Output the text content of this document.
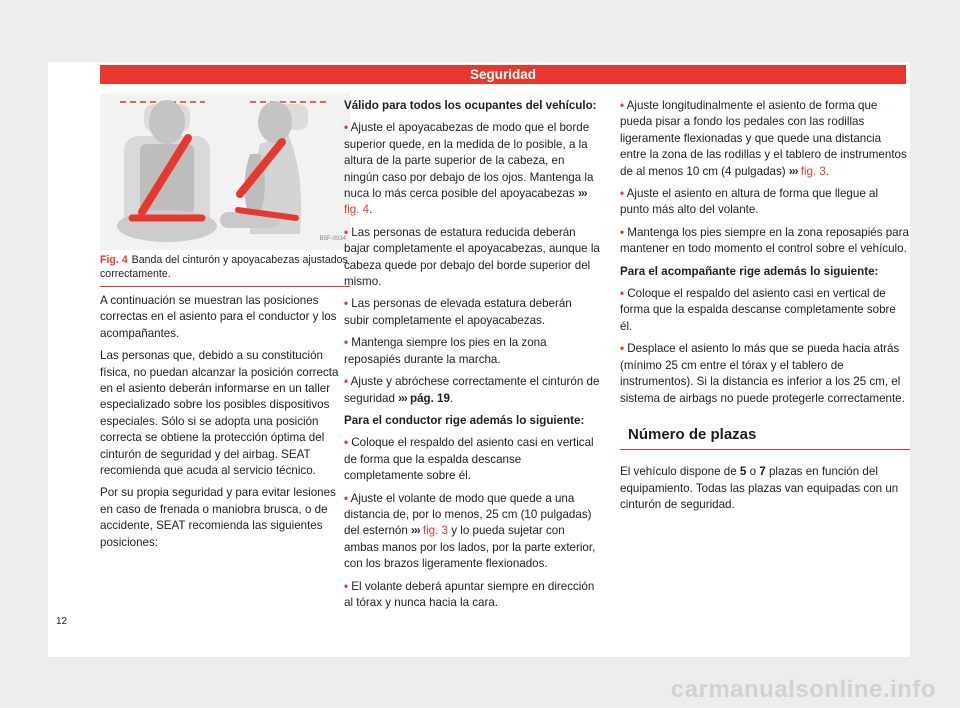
Seguridad
B5F-0934

Fig. 4 Banda del cinturón y apoyacabezas ajustados correctamente.

A continuación se muestran las posiciones correctas en el asiento para el conductor y los acompañantes.

Las personas que, debido a su constitución física, no puedan alcanzar la posición correcta en el asiento deberán informarse en un taller especializado sobre los posibles dispositivos especiales. Sólo si se adopta una posición correcta se obtiene la protección óptima del cinturón de seguridad y del airbag. SEAT recomienda que acuda al servicio técnico.

Por su propia seguridad y para evitar lesiones en caso de frenada o maniobra brusca, o de accidente, SEAT recomienda las siguientes posiciones:

Válido para todos los ocupantes del vehículo:

• Ajuste el apoyacabezas de modo que el borde superior quede, en la medida de lo posible, a la altura de la parte superior de la cabeza, en ningún caso por debajo de los ojos. Mantenga la nuca lo más cerca posible del apoyacabezas ››› fig. 4.

• Las personas de estatura reducida deberán bajar completamente el apoyacabezas, aunque la cabeza quede por debajo del borde superior del mismo.

• Las personas de elevada estatura deberán subir completamente el apoyacabezas.

• Mantenga siempre los pies en la zona reposapiés durante la marcha.

• Ajuste y abróchese correctamente el cinturón de seguridad ››› pág. 19.

Para el conductor rige además lo siguiente:

• Coloque el respaldo del asiento casi en vertical de forma que la espalda descanse completamente sobre él.

• Ajuste el volante de modo que quede a una distancia de, por lo menos, 25 cm (10 pulgadas) del esternón ››› fig. 3 y lo pueda sujetar con ambas manos por los lados, por la parte exterior, con los brazos ligeramente flexionados.

• El volante deberá apuntar siempre en dirección al tórax y nunca hacia la cara.

• Ajuste longitudinalmente el asiento de forma que pueda pisar a fondo los pedales con las rodillas ligeramente flexionadas y que quede una distancia entre la zona de las rodillas y el tablero de instrumentos de al menos 10 cm (4 pulgadas) ››› fig. 3.

• Ajuste el asiento en altura de forma que llegue al punto más alto del volante.

• Mantenga los pies siempre en la zona reposapiés para mantener en todo momento el control sobre el vehículo.

Para el acompañante rige además lo siguiente:

• Coloque el respaldo del asiento casi en vertical de forma que la espalda descanse completamente sobre él.

• Desplace el asiento lo más que se pueda hacia atrás (mínimo 25 cm entre el tórax y el tablero de instrumentos). Si la distancia es inferior a los 25 cm, el sistema de airbags no puede protegerle correctamente.

Número de plazas

El vehículo dispone de 5 o 7 plazas en función del equipamiento. Todas las plazas van equipadas con un cinturón de seguridad.

12
carmanualsonline.info
